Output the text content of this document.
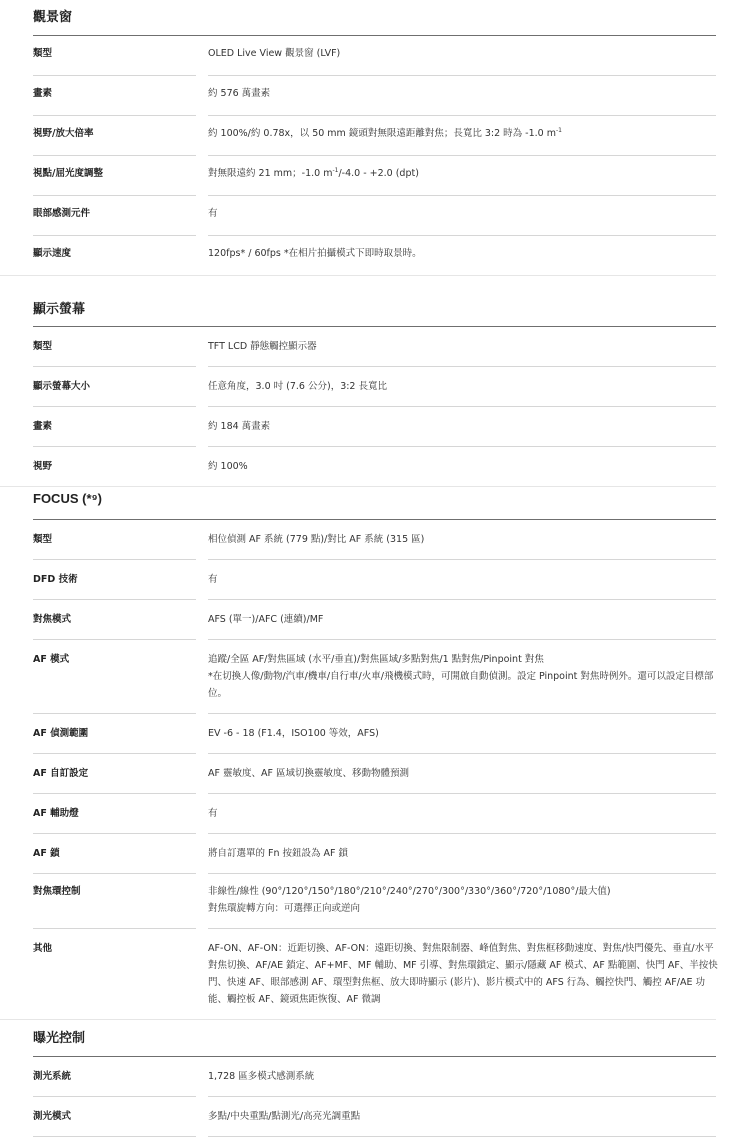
觀景窗
類型	OLED Live View 觀景窗 (LVF)
畫素	約 576 萬畫素
視野/放大倍率	約 100%/約 0.78x，以 50 mm 鏡頭對無限遠距離對焦；長寬比 3:2 時為 -1.0 $m^{-1}$
視點/屈光度調整	對無限遠約 21 mm；-1.0 $m^{-1}/-4.0 - +2.0$ (dpt)
眼部感測元件	有
顯示速度	120fps* / 60fps *在相片拍攝模式下即時取景時。
顯示螢幕
類型	TFT LCD 靜態觸控顯示器
顯示螢幕大小	任意角度，3.0 吋 (7.6 公分)，3:2 長寬比
畫素	約 184 萬畫素
視野	約 100%
FOCUS (*⁹)
類型	相位偵測 AF 系統 (779 點)/對比 AF 系統 (315 區)
DFD 技術	有
對焦模式	AFS (單一)/AFC (連續)/MF
AF 模式	追蹤/全區 AF/對焦區域 (水平/垂直)/對焦區域/多點對焦/1 點對焦/Pinpoint 對焦
*在切換人像/動物/汽車/機車/自行車/火車/飛機模式時，可開啟自動偵測。設定 Pinpoint 對焦時例外。還可以設定目標部位。
AF 偵測範圍	EV -6 - 18 (F1.4，ISO100 等效，AFS)
AF 自訂設定	AF 靈敏度、AF 區域切換靈敏度、移動物體預測
AF 輔助燈	有
AF 鎖	將自訂選單的 Fn 按鈕設為 AF 鎖
對焦環控制	非線性/線性 (90°/120°/150°/180°/210°/240°/270°/300°/330°/360°/720°/1080°/最大值)
對焦環旋轉方向：可選擇正向或逆向
其他	AF-ON、AF-ON：近距切換、AF-ON：遠距切換、對焦限制器、峰值對焦、對焦框移動速度、對焦/快門優先、垂直/水平對焦切換、AF/AE 鎖定、AF+MF、MF 輔助、MF 引導、對焦環鎖定、顯示/隱藏 AF 模式、AF 點範圍、快門 AF、半按快門、快速 AF、眼部感測 AF、環型對焦框、放大即時顯示 (影片)、影片模式中的 AFS 行為、觸控快門、觸控 AF/AE 功能、觸控板 AF、鏡頭焦距恢復、AF 微調
曝光控制
測光系統	1,728 區多模式感測系統
測光模式	多點/中央重點/點測光/高亮光調重點
